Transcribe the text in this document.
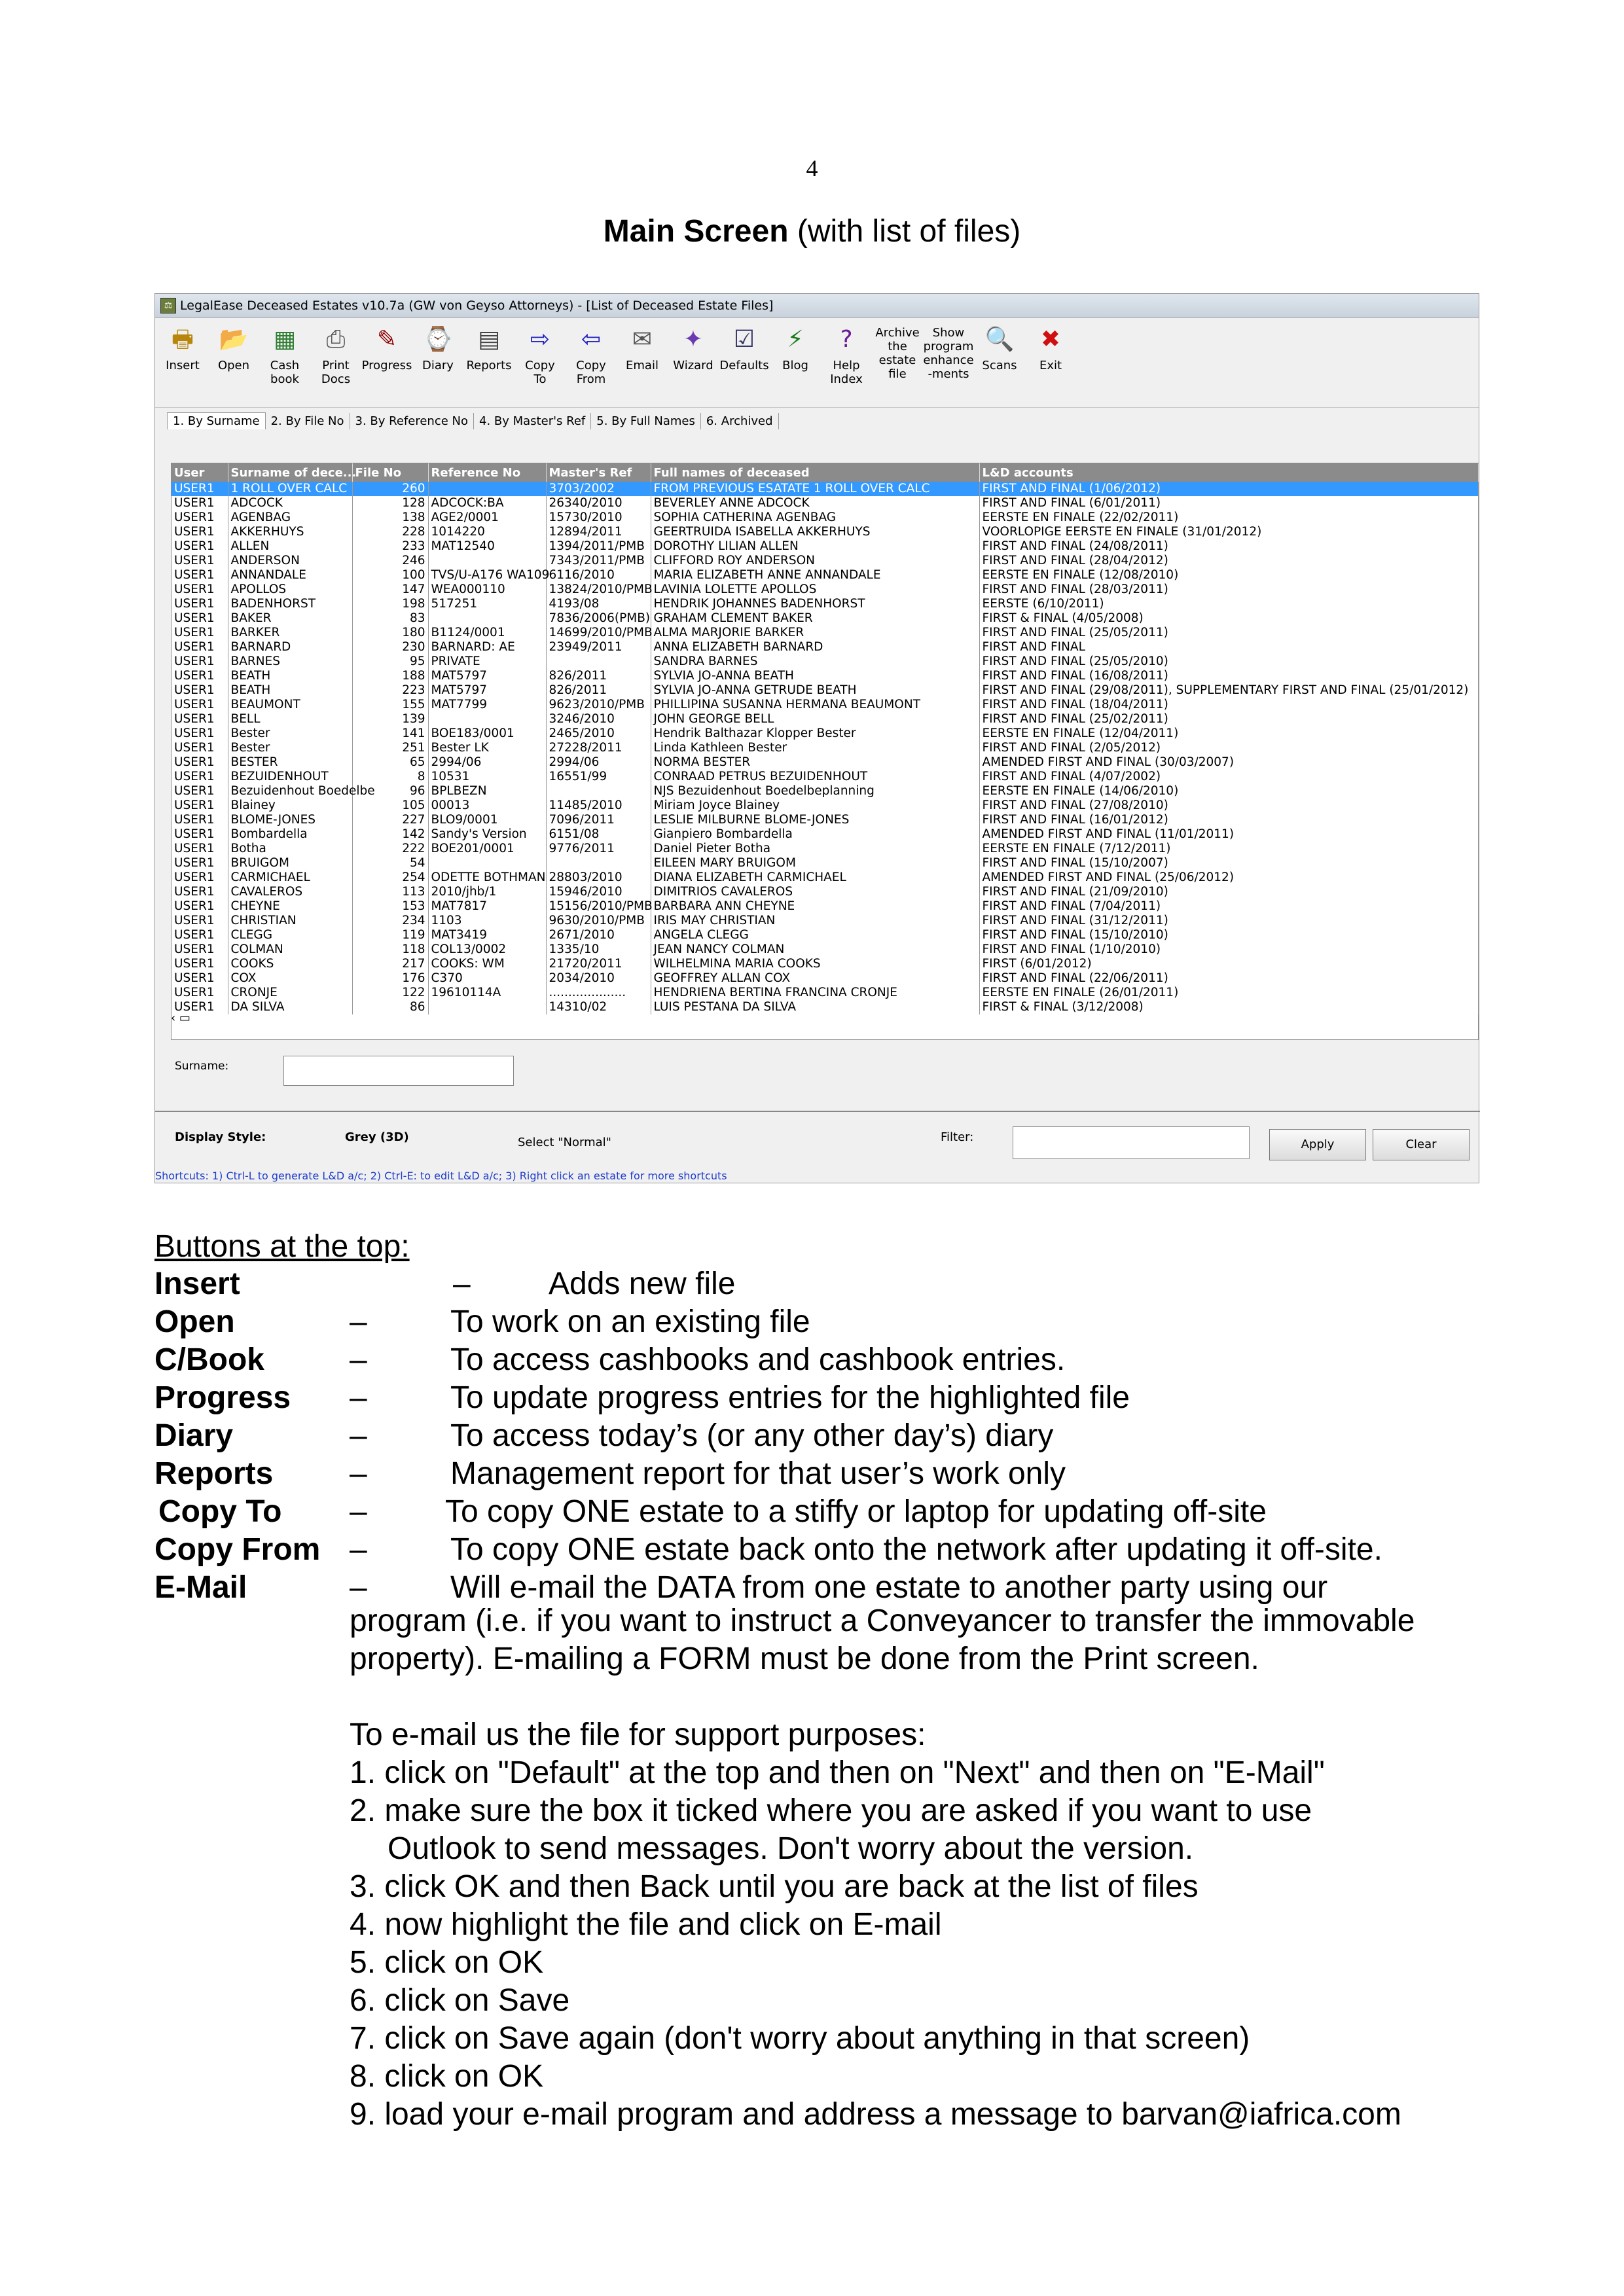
4
Main Screen (with list of files)
⚖ LegalEase Deceased Estates v10.7a (GW von Geyso Attorneys) - [List of Deceased Estate Files]
🖶
Insert
📂
Open
▦
Cash
book
⎙
Print
Docs
✎
Progress
⌚
Diary
▤
Reports
⇨
Copy
To
⇦
Copy
From
✉
Email
✦
Wizard
☑
Defaults
⚡
Blog
?
Help
Index
Archive
the
estate
file
Show
program
enhance
-ments
🔍
Scans
✖
Exit
1. By Surname 2. By File No 3. By Reference No 4. By Master's Ref 5. By Full Names 6. Archived
User	Surname of dece...	File No	Reference No	Master's Ref	Full names of deceased	L&D accounts
USER1	1 ROLL OVER CALC	260		3703/2002	FROM PREVIOUS ESATATE 1 ROLL OVER CALC	FIRST AND FINAL (1/06/2012)
USER1	ADCOCK	128	ADCOCK:BA	26340/2010	BEVERLEY ANNE ADCOCK	FIRST AND FINAL (6/01/2011)
USER1	AGENBAG	138	AGE2/0001	15730/2010	SOPHIA CATHERINA AGENBAG	EERSTE EN FINALE (22/02/2011)
USER1	AKKERHUYS	228	1014220	12894/2011	GEERTRUIDA ISABELLA AKKERHUYS	VOORLOPIGE EERSTE EN FINALE (31/01/2012)
USER1	ALLEN	233	MAT12540	1394/2011/PMB	DOROTHY LILIAN ALLEN	FIRST AND FINAL (24/08/2011)
USER1	ANDERSON	246		7343/2011/PMB	CLIFFORD ROY ANDERSON	FIRST AND FINAL (28/04/2012)
USER1	ANNANDALE	100	TVS/U-A176 WA109	6116/2010	MARIA ELIZABETH ANNE ANNANDALE	EERSTE EN FINALE (12/08/2010)
USER1	APOLLOS	147	WEA000110	13824/2010/PMB	LAVINIA LOLETTE APOLLOS	FIRST AND FINAL (28/03/2011)
USER1	BADENHORST	198	517251	4193/08	HENDRIK JOHANNES BADENHORST	EERSTE (6/10/2011)
USER1	BAKER	83		7836/2006(PMB)	GRAHAM CLEMENT BAKER	FIRST & FINAL (4/05/2008)
USER1	BARKER	180	B1124/0001	14699/2010/PMB	ALMA MARJORIE BARKER	FIRST AND FINAL (25/05/2011)
USER1	BARNARD	230	BARNARD: AE	23949/2011	ANNA ELIZABETH BARNARD	FIRST AND FINAL
USER1	BARNES	95	PRIVATE		SANDRA BARNES	FIRST AND FINAL (25/05/2010)
USER1	BEATH	188	MAT5797	826/2011	SYLVIA JO-ANNA BEATH	FIRST AND FINAL (16/08/2011)
USER1	BEATH	223	MAT5797	826/2011	SYLVIA JO-ANNA GETRUDE BEATH	FIRST AND FINAL (29/08/2011), SUPPLEMENTARY FIRST AND FINAL (25/01/2012)
USER1	BEAUMONT	155	MAT7799	9623/2010/PMB	PHILLIPINA SUSANNA HERMANA BEAUMONT	FIRST AND FINAL (18/04/2011)
USER1	BELL	139		3246/2010	JOHN GEORGE BELL	FIRST AND FINAL (25/02/2011)
USER1	Bester	141	BOE183/0001	2465/2010	Hendrik Balthazar Klopper Bester	EERSTE EN FINALE (12/04/2011)
USER1	Bester	251	Bester LK	27228/2011	Linda Kathleen Bester	FIRST AND FINAL (2/05/2012)
USER1	BESTER	65	2994/06	2994/06	NORMA BESTER	AMENDED FIRST AND FINAL (30/03/2007)
USER1	BEZUIDENHOUT	8	10531	16551/99	CONRAAD PETRUS BEZUIDENHOUT	FIRST AND FINAL (4/07/2002)
USER1	Bezuidenhout Boedelbe	96	BPLBEZN		NJS Bezuidenhout Boedelbeplanning	EERSTE EN FINALE (14/06/2010)
USER1	Blainey	105	00013	11485/2010	Miriam Joyce Blainey	FIRST AND FINAL (27/08/2010)
USER1	BLOME-JONES	227	BLO9/0001	7096/2011	LESLIE MILBURNE BLOME-JONES	FIRST AND FINAL (16/01/2012)
USER1	Bombardella	142	Sandy's Version	6151/08	Gianpiero Bombardella	AMENDED FIRST AND FINAL (11/01/2011)
USER1	Botha	222	BOE201/0001	9776/2011	Daniel Pieter Botha	EERSTE EN FINALE (7/12/2011)
USER1	BRUIGOM	54			EILEEN MARY BRUIGOM	FIRST AND FINAL (15/10/2007)
USER1	CARMICHAEL	254	ODETTE BOTHMAN	28803/2010	DIANA ELIZABETH CARMICHAEL	AMENDED FIRST AND FINAL (25/06/2012)
USER1	CAVALEROS	113	2010/jhb/1	15946/2010	DIMITRIOS CAVALEROS	FIRST AND FINAL (21/09/2010)
USER1	CHEYNE	153	MAT7817	15156/2010/PMB	BARBARA ANN CHEYNE	FIRST AND FINAL (7/04/2011)
USER1	CHRISTIAN	234	1103	9630/2010/PMB	IRIS MAY CHRISTIAN	FIRST AND FINAL (31/12/2011)
USER1	CLEGG	119	MAT3419	2671/2010	ANGELA CLEGG	FIRST AND FINAL (15/10/2010)
USER1	COLMAN	118	COL13/0002	1335/10	JEAN NANCY COLMAN	FIRST AND FINAL (1/10/2010)
USER1	COOKS	217	COOKS: WM	21720/2011	WILHELMINA MARIA COOKS	FIRST (6/01/2012)
USER1	COX	176	C370	2034/2010	GEOFFREY ALLAN COX	FIRST AND FINAL (22/06/2011)
USER1	CRONJE	122	19610114A	....................	HENDRIENA BERTINA FRANCINA CRONJE	EERSTE EN FINALE (26/01/2011)
USER1	DA SILVA	86		14310/02	LUIS PESTANA DA SILVA	FIRST & FINAL (3/12/2008)
‹ ▭
Surname:
Display Style:	Grey (3D)	Select "Normal"	Filter:
Apply	Clear
Shortcuts: 1) Ctrl-L to generate L&D a/c; 2) Ctrl-E: to edit L&D a/c; 3) Right click an estate for more shortcuts
Buttons at the top:
Insert	– Adds new file
Open	–	To work on an existing file
C/Book	–	To access cashbooks and cashbook entries.
Progress –	To update progress entries for the highlighted file
Diary	–	To access today’s (or any other day’s) diary
Reports –	Management report for that user’s work only
Copy To – To copy ONE estate to a stiffy or laptop for updating off-site
Copy From –	To copy ONE estate back onto the network after updating it off-site.
E-Mail	–	Will e-mail the DATA from one estate to another party using our
program (i.e. if you want to instruct a Conveyancer to transfer the immovable
property). E-mailing a FORM must be done from the Print screen.
To e-mail us the file for support purposes:
1. click on "Default" at the top and then on "Next" and then on "E-Mail"
2. make sure the box it ticked where you are asked if you want to use
Outlook to send messages. Don't worry about the version.
3. click OK and then Back until you are back at the list of files
4. now highlight the file and click on E-mail
5. click on OK
6. click on Save
7. click on Save again (don't worry about anything in that screen)
8. click on OK
9. load your e-mail program and address a message to barvan@iafrica.com
